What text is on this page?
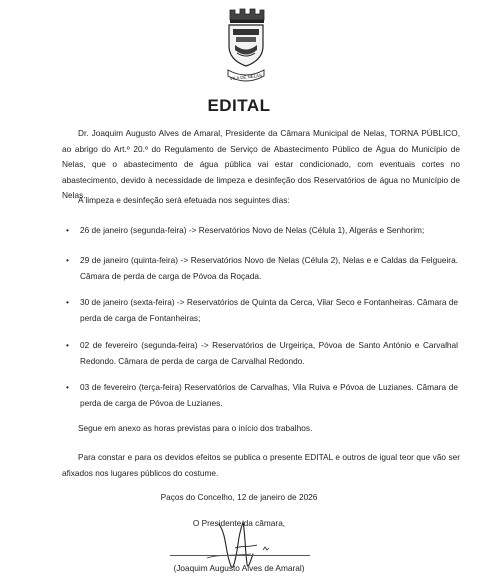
VILA DE NELAS
EDITAL
Dr. Joaquim Augusto Alves de Amaral, Presidente da Câmara Municipal de Nelas, TORNA PÚBLICO, ao abrigo do Art.º 20.º do Regulamento de Serviço de Abastecimento Público de Água do Município de Nelas, que o abastecimento de água pública vai estar condicionado, com eventuais cortes no abastecimento, devido à necessidade de limpeza e desinfeção dos Reservatórios de água no Município de Nelas.
A limpeza e desinfeção será efetuada nos seguintes dias:
• 26 de janeiro (segunda-feira) -> Reservatórios Novo de Nelas (Célula 1), Algerás e Senhorim;
• 29 de janeiro (quinta-feira) -> Reservatórios Novo de Nelas (Célula 2), Nelas e e Caldas da Felgueira. Câmara de perda de carga de Póvoa da Roçada.
• 30 de janeiro (sexta-feira) -> Reservatórios de Quinta da Cerca, Vilar Seco e Fontanheiras. Câmara de perda de carga de Fontanheiras;
• 02 de fevereiro (segunda-feira) -> Reservatórios de Urgeiriça, Póvoa de Santo António e Carvalhal Redondo. Câmara de perda de carga de Carvalhal Redondo.
• 03 de fevereiro (terça-feira) Reservatórios de Carvalhas, Vila Ruiva e Póvoa de Luzianes. Câmara de perda de carga de Póvoa de Luzianes.
Segue em anexo as horas previstas para o início dos trabalhos.
Para constar e para os devidos efeitos se publica o presente EDITAL e outros de igual teor que vão ser afixados nos lugares públicos do costume.
Paços do Concelho, 12 de janeiro de 2026
O Presidente da câmara,
(Joaquim Augusto Alves de Amaral)
